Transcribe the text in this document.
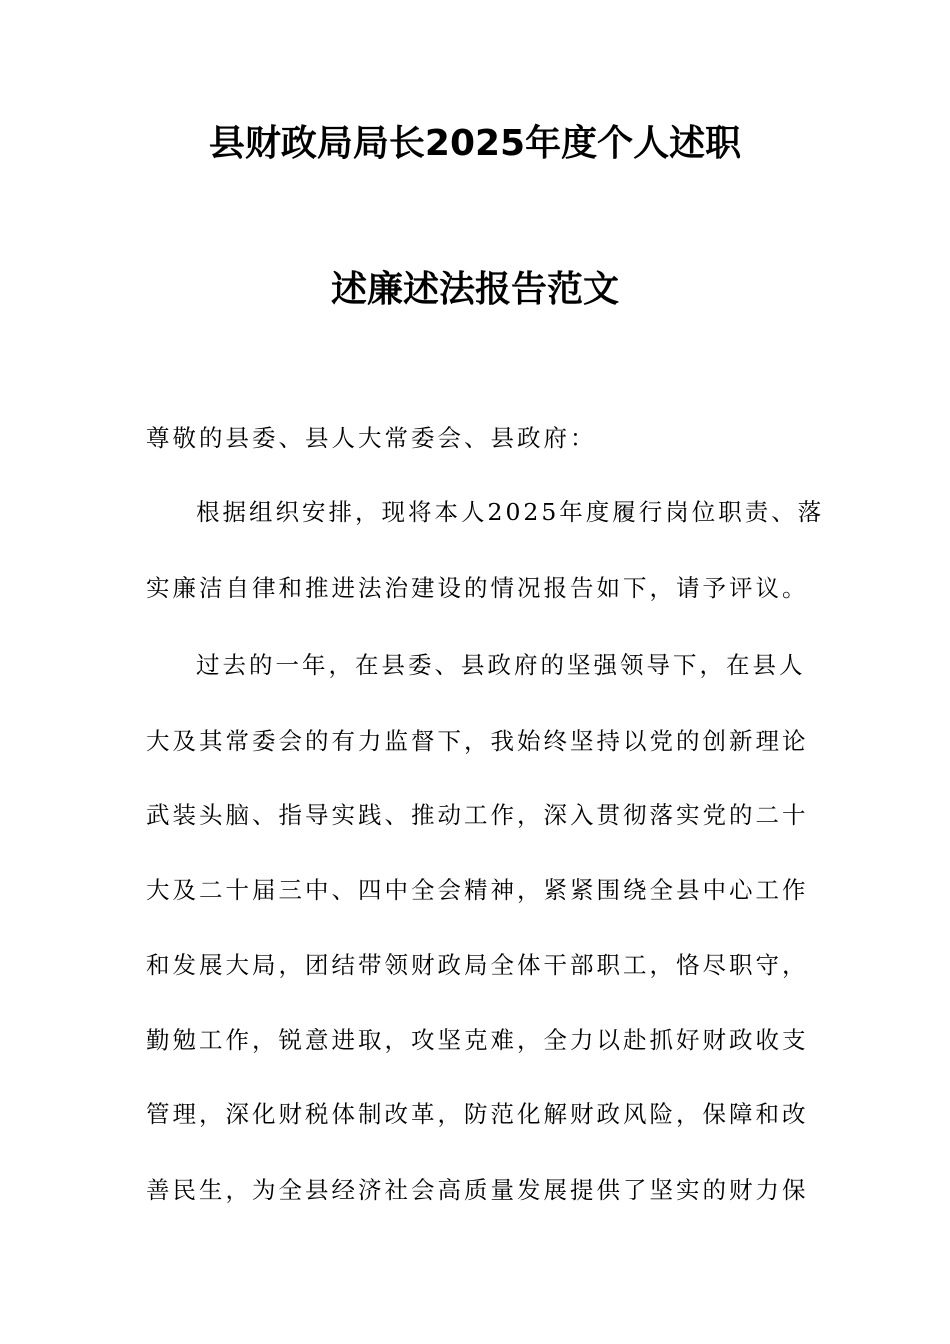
县财政局局长2025年度个人述职
述廉述法报告范文
尊敬的县委、县人大常委会、县政府：
根据组织安排，现将本人2025年度履行岗位职责、落
实廉洁自律和推进法治建设的情况报告如下，请予评议。
过去的一年，在县委、县政府的坚强领导下，在县人
大及其常委会的有力监督下，我始终坚持以党的创新理论
武装头脑、指导实践、推动工作，深入贯彻落实党的二十
大及二十届三中、四中全会精神，紧紧围绕全县中心工作
和发展大局，团结带领财政局全体干部职工，恪尽职守，
勤勉工作，锐意进取，攻坚克难，全力以赴抓好财政收支
管理，深化财税体制改革，防范化解财政风险，保障和改
善民生，为全县经济社会高质量发展提供了坚实的财力保
